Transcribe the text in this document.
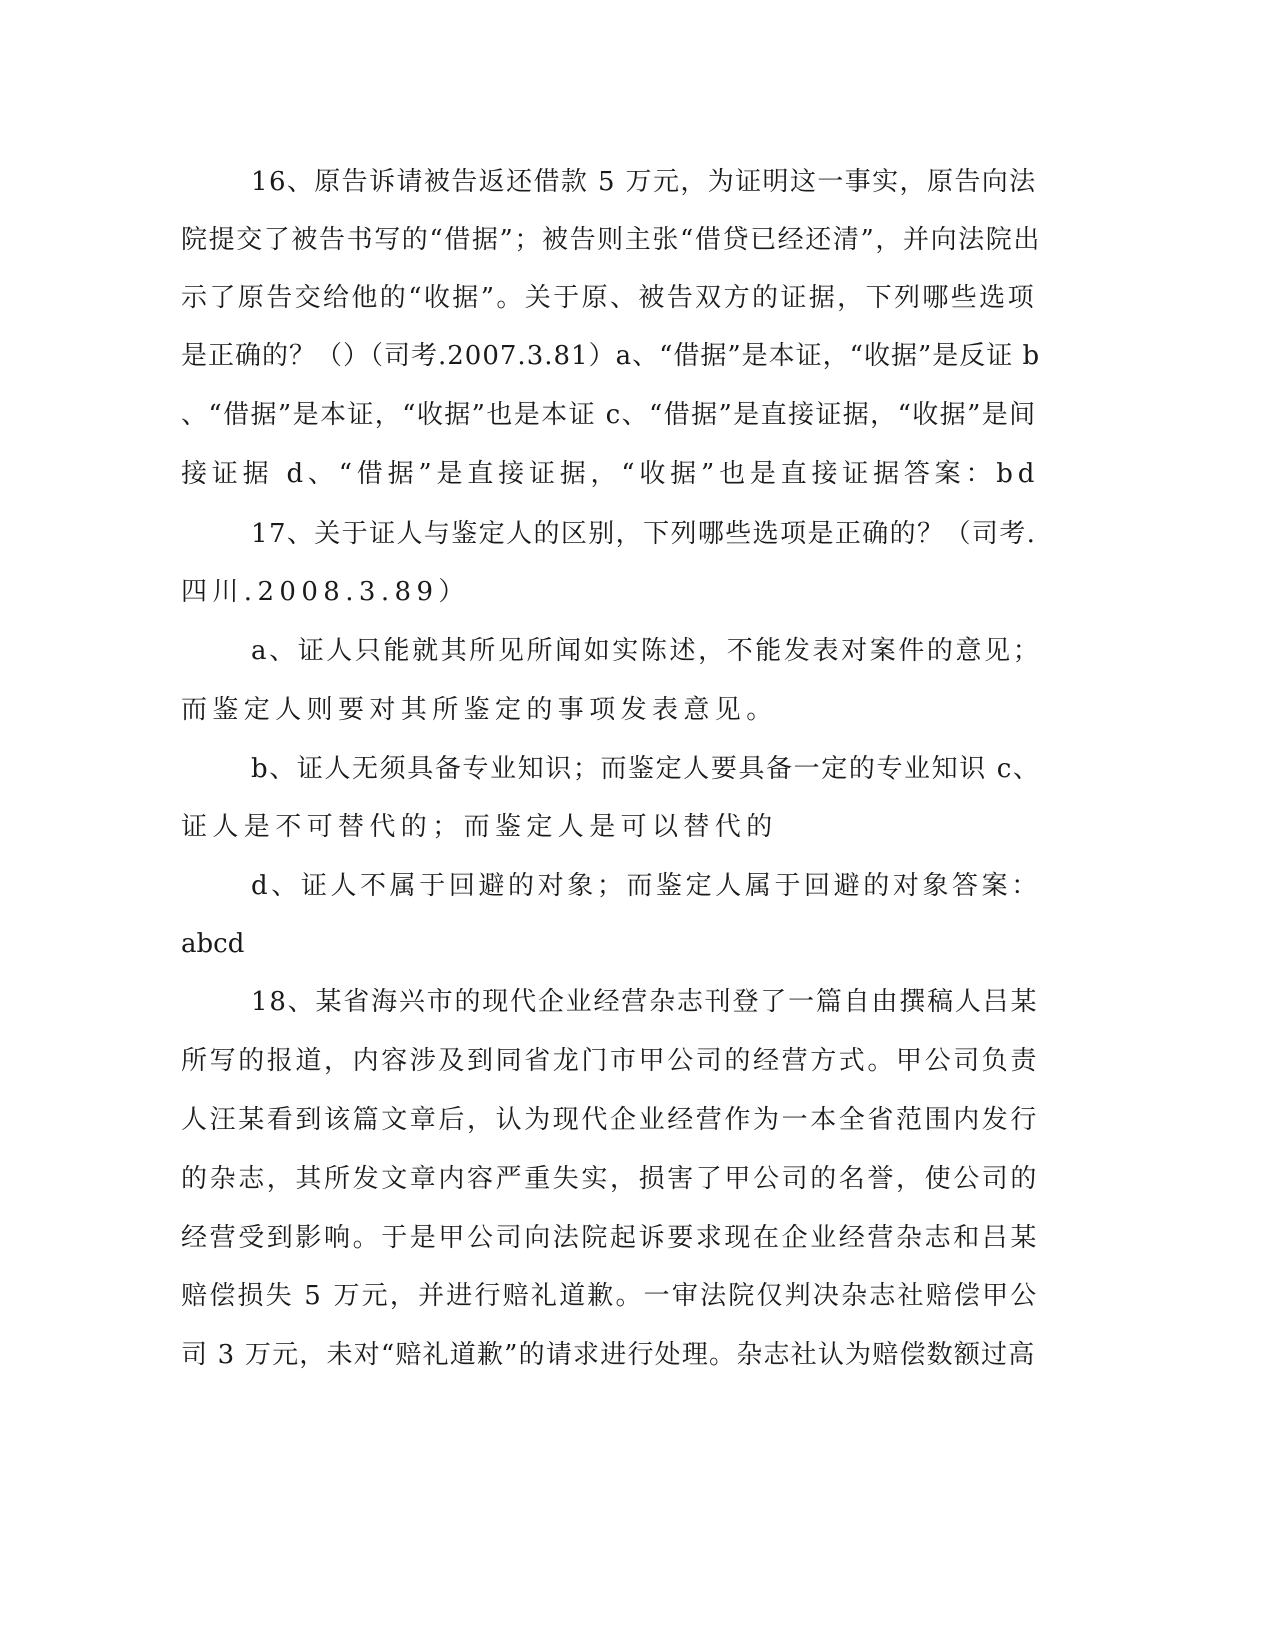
16、原告诉请被告返还借款 5 万元，为证明这一事实，原告向法
院提交了被告书写的“借据”；被告则主张“借贷已经还清”，并向法院出
示了原告交给他的“收据”。关于原、被告双方的证据，下列哪些选项
是正确的？（）（司考.2007.3.81）a、“借据”是本证，“收据”是反证 b
、“借据”是本证，“收据”也是本证 c、“借据”是直接证据，“收据”是间
接证据 d、“借据”是直接证据，“收据”也是直接证据答案：bd
17、关于证人与鉴定人的区别，下列哪些选项是正确的？（司考.
四川.2008.3.89）
a、证人只能就其所见所闻如实陈述，不能发表对案件的意见；
而鉴定人则要对其所鉴定的事项发表意见。
b、证人无须具备专业知识；而鉴定人要具备一定的专业知识 c、
证人是不可替代的；而鉴定人是可以替代的
d、证人不属于回避的对象；而鉴定人属于回避的对象答案：
abcd
18、某省海兴市的现代企业经营杂志刊登了一篇自由撰稿人吕某
所写的报道，内容涉及到同省龙门市甲公司的经营方式。甲公司负责
人汪某看到该篇文章后，认为现代企业经营作为一本全省范围内发行
的杂志，其所发文章内容严重失实，损害了甲公司的名誉，使公司的
经营受到影响。于是甲公司向法院起诉要求现在企业经营杂志和吕某
赔偿损失 5 万元，并进行赔礼道歉。一审法院仅判决杂志社赔偿甲公
司 3 万元，未对“赔礼道歉”的请求进行处理。杂志社认为赔偿数额过高
